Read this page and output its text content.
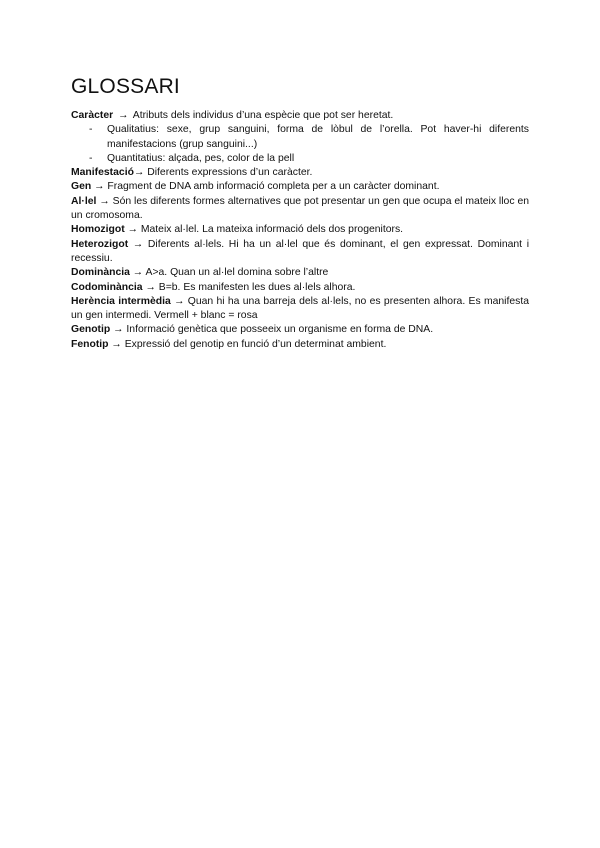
GLOSSARI

Caràcter → Atributs dels individus d’una espècie que pot ser heretat.

- Qualitatius: sexe, grup sanguini, forma de lòbul de l’orella. Pot haver-hi diferents manifestacions (grup sanguini...)
- Quantitatius: alçada, pes, color de la pell

Manifestació→ Diferents expressions d’un caràcter.

Gen → Fragment de DNA amb informació completa per a un caràcter dominant.

Al·lel → Són les diferents formes alternatives que pot presentar un gen que ocupa el mateix lloc en un cromosoma.

Homozigot → Mateix al·lel. La mateixa informació dels dos progenitors.

Heterozigot → Diferents al·lels. Hi ha un al·lel que és dominant, el gen expressat. Dominant i recessiu.

Dominància → A>a. Quan un al·lel domina sobre l’altre

Codominància → B=b. Es manifesten les dues al·lels alhora.

Herència intermèdia → Quan hi ha una barreja dels al·lels, no es presenten alhora. Es manifesta un gen intermedi. Vermell + blanc = rosa

Genotip → Informació genètica que posseeix un organisme en forma de DNA.

Fenotip → Expressió del genotip en funció d’un determinat ambient.
